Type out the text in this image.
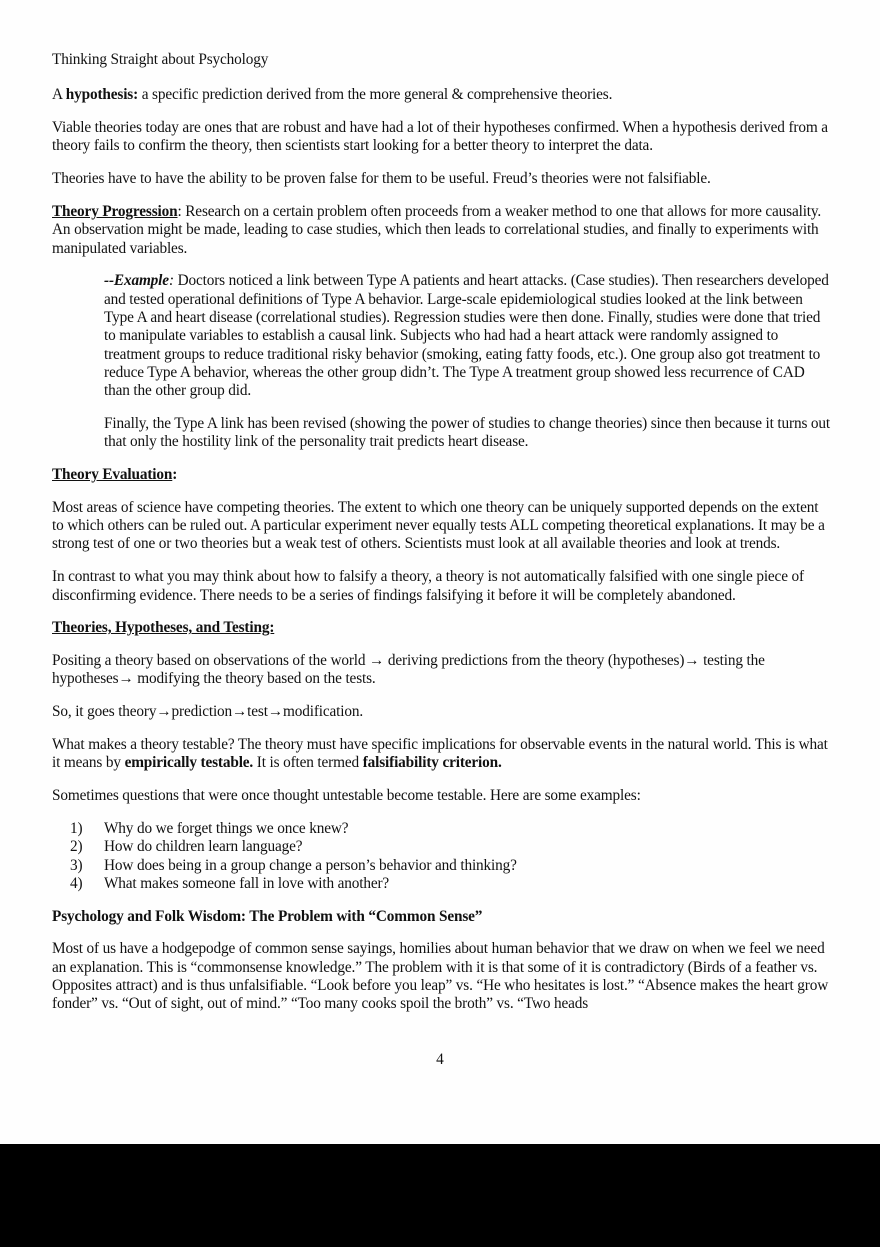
Thinking Straight about Psychology

A hypothesis: a specific prediction derived from the more general & comprehensive theories.

Viable theories today are ones that are robust and have had a lot of their hypotheses confirmed. When a hypothesis derived from a theory fails to confirm the theory, then scientists start looking for a better theory to interpret the data.

Theories have to have the ability to be proven false for them to be useful. Freud’s theories were not falsifiable.

Theory Progression: Research on a certain problem often proceeds from a weaker method to one that allows for more causality. An observation might be made, leading to case studies, which then leads to correlational studies, and finally to experiments with manipulated variables.

--Example: Doctors noticed a link between Type A patients and heart attacks. (Case studies). Then researchers developed and tested operational definitions of Type A behavior. Large-scale epidemiological studies looked at the link between Type A and heart disease (correlational studies). Regression studies were then done. Finally, studies were done that tried to manipulate variables to establish a causal link. Subjects who had had a heart attack were randomly assigned to treatment groups to reduce traditional risky behavior (smoking, eating fatty foods, etc.). One group also got treatment to reduce Type A behavior, whereas the other group didn’t. The Type A treatment group showed less recurrence of CAD than the other group did.

Finally, the Type A link has been revised (showing the power of studies to change theories) since then because it turns out that only the hostility link of the personality trait predicts heart disease.

Theory Evaluation:

Most areas of science have competing theories. The extent to which one theory can be uniquely supported depends on the extent to which others can be ruled out. A particular experiment never equally tests ALL competing theoretical explanations. It may be a strong test of one or two theories but a weak test of others. Scientists must look at all available theories and look at trends.

In contrast to what you may think about how to falsify a theory, a theory is not automatically falsified with one single piece of disconfirming evidence. There needs to be a series of findings falsifying it before it will be completely abandoned.

Theories, Hypotheses, and Testing:

Positing a theory based on observations of the world → deriving predictions from the theory (hypotheses)→ testing the hypotheses→ modifying the theory based on the tests.

So, it goes theory→prediction→test→modification.

What makes a theory testable? The theory must have specific implications for observable events in the natural world. This is what it means by empirically testable. It is often termed falsifiability criterion.

Sometimes questions that were once thought untestable become testable. Here are some examples:

1) Why do we forget things we once knew?
2) How do children learn language?
3) How does being in a group change a person’s behavior and thinking?
4) What makes someone fall in love with another?

Psychology and Folk Wisdom: The Problem with “Common Sense”

Most of us have a hodgepodge of common sense sayings, homilies about human behavior that we draw on when we feel we need an explanation. This is “commonsense knowledge.” The problem with it is that some of it is contradictory (Birds of a feather vs. Opposites attract) and is thus unfalsifiable. “Look before you leap” vs. “He who hesitates is lost.” “Absence makes the heart grow fonder” vs. “Out of sight, out of mind.” “Too many cooks spoil the broth” vs. “Two heads

4
